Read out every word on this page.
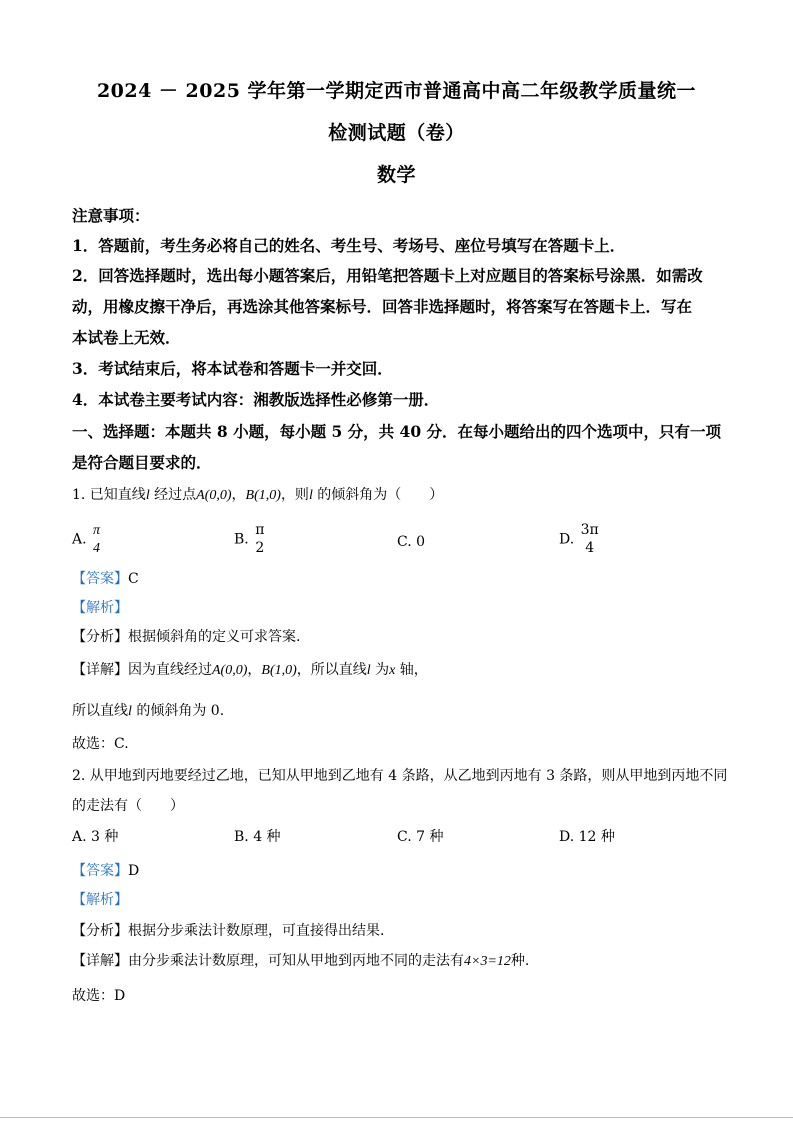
2024 － 2025 学年第一学期定西市普通高中高二年级教学质量统一
检测试题（卷）
数学
注意事项：
1．答题前，考生务必将自己的姓名、考生号、考场号、座位号填写在答题卡上．
2．回答选择题时，选出每小题答案后，用铅笔把答题卡上对应题目的答案标号涂黑．如需改
动，用橡皮擦干净后，再选涂其他答案标号．回答非选择题时，将答案写在答题卡上．写在
本试卷上无效．
3．考试结束后，将本试卷和答题卡一并交回．
4．本试卷主要考试内容：湘教版选择性必修第一册．
一、选择题：本题共 8 小题，每小题 5 分，共 40 分．在每小题给出的四个选项中，只有一项
是符合题目要求的．
1. 已知直线l 经过点A(0,0)，B(1,0)，则l 的倾斜角为（　　）
A.
π
4
B.
π
2	C. 0	D.
3π
4
【答案】C
【解析】
【分析】根据倾斜角的定义可求答案.
【详解】因为直线经过A(0,0)，B(1,0)，所以直线l 为x 轴，
所以直线l 的倾斜角为 0.
故选：C.
2. 从甲地到丙地要经过乙地，已知从甲地到乙地有 4 条路，从乙地到丙地有 3 条路，则从甲地到丙地不同
的走法有（　　）
A. 3 种	B. 4 种	C. 7 种	D. 12 种
【答案】D
【解析】
【分析】根据分步乘法计数原理，可直接得出结果.
【详解】由分步乘法计数原理，可知从甲地到丙地不同的走法有4×3=12种.
故选：D
